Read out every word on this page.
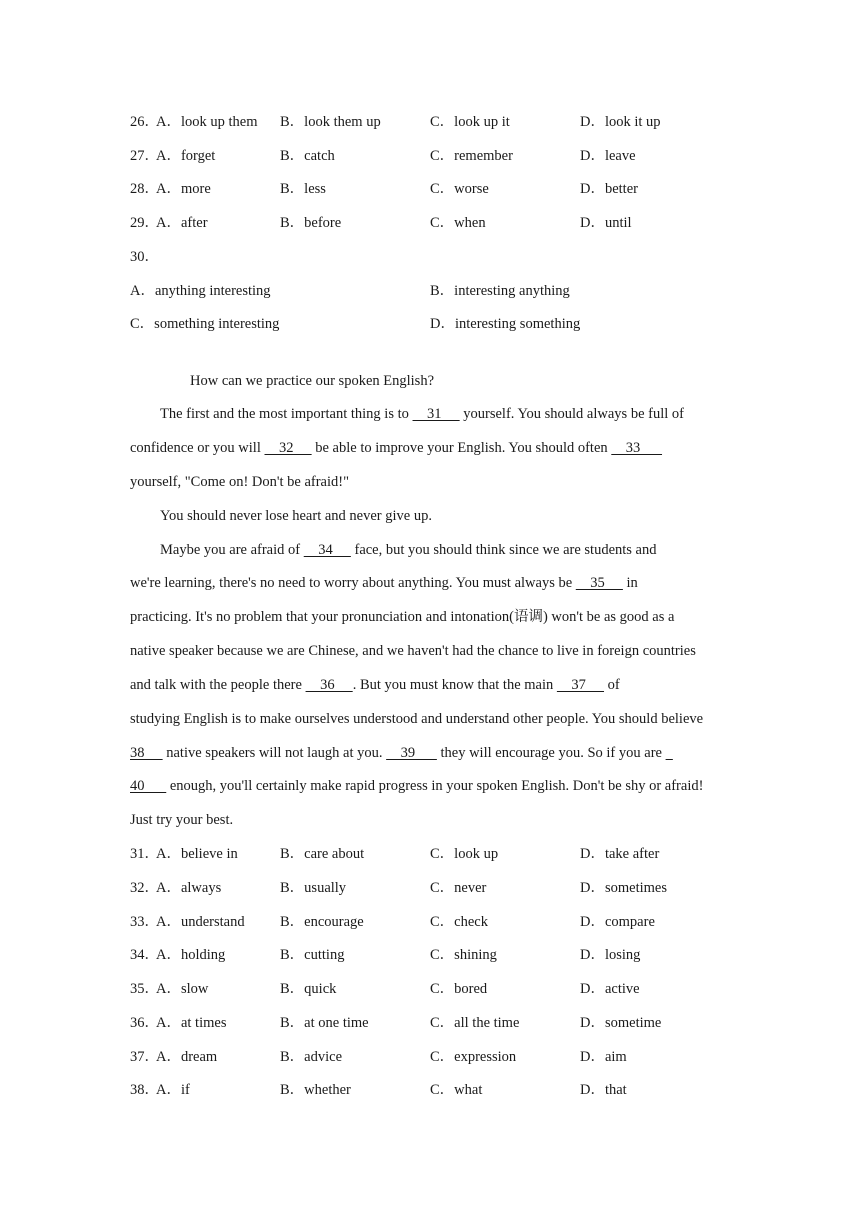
26．
A．look up them B．look them up	C．look up it	D．look it up
27．
A．forget	B．catch	C．remember	D．leave
28．
A．more	B．less	C．worse	D．better
29．
A．after	B．before	C．when	D．until
30．
A．anything interesting	B．interesting anything
C．something interesting	D．interesting something
How can we practice our spoken English?
The first and the most important thing is to     31      yourself. You should always be full of
confidence or you will     32      be able to improve your English. You should often     33
yourself, "Come on! Don't be afraid!"
You should never lose heart and never give up.
Maybe you are afraid of     34      face, but you should think since we are students and
we're learning, there's no need to worry about anything. You must always be     35      in
practicing. It's no problem that your pronunciation and intonation(语调) won't be as good as a
native speaker because we are Chinese, and we haven't had the chance to live in foreign countries
and talk with the people there     36     . But you must know that the main     37      of
studying English is to make ourselves understood and understand other people. You should believe
38      native speakers will not laugh at you.     39       they will encourage you. So if you are
40       enough, you'll certainly make rapid progress in your spoken English. Don't be shy or afraid!
Just try your best.
31．
A．believe in	B．care about	C．look up	D．take after
32．
A．always	B．usually	C．never	D．sometimes
33．
A．understand B．encourage	C．check	D．compare
34．
A．holding	B．cutting	C．shining	D．losing
35．
A．slow	B．quick	C．bored	D．active
36．
A．at times	B．at one time	C．all the time	D．sometime
37．
A．dream	B．advice	C．expression	D．aim
38．
A．if	B．whether	C．what	D．that
